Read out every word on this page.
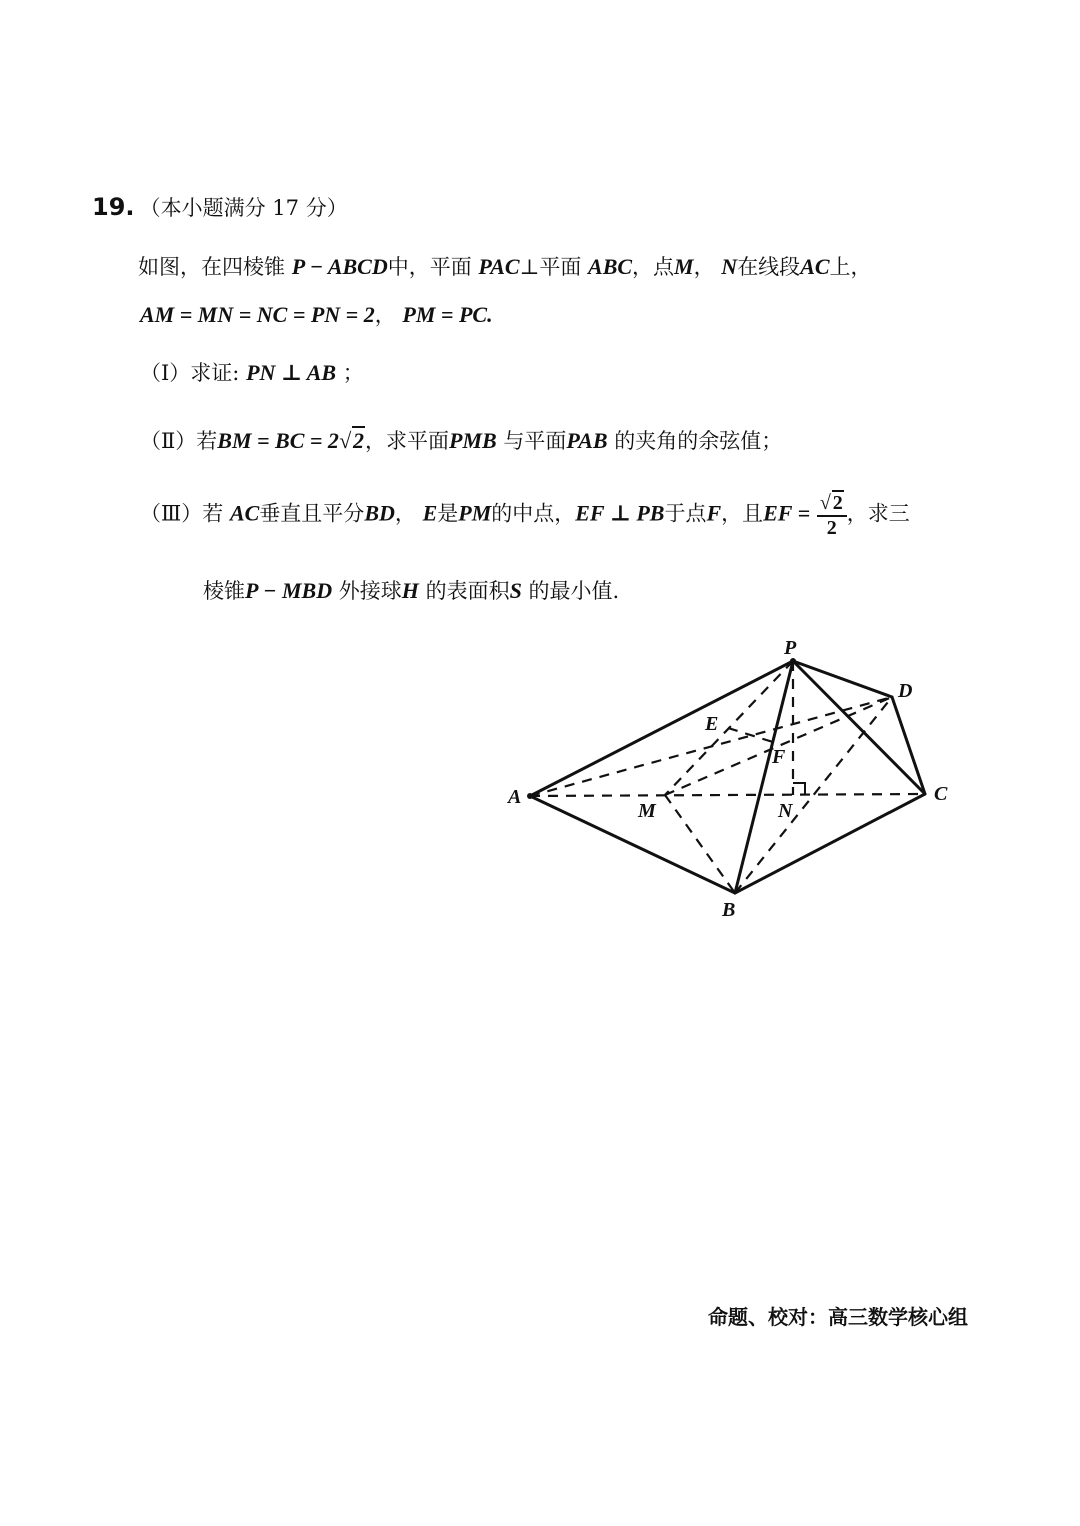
19. （本小题满分 17 分）
如图，在四棱锥 P − ABCD中，平面 PAC⊥平面 ABC，点M， N在线段AC上，
AM = MN = NC = PN = 2， PM = PC.
（Ⅰ）求证: PN ⊥ AB ；
（Ⅱ）若BM = BC = 2√2，求平面PMB 与平面PAB 的夹角的余弦值；
（Ⅲ）若 AC垂直且平分BD， E是PM的中点，EF ⊥ PB于点F，且EF = $\frac{√ 2}{2}$ ，求三
棱锥P − MBD 外接球H 的表面积S 的最小值.
P
D
E
F
A
M	N
C
B
命题、校对：高三数学核心组
